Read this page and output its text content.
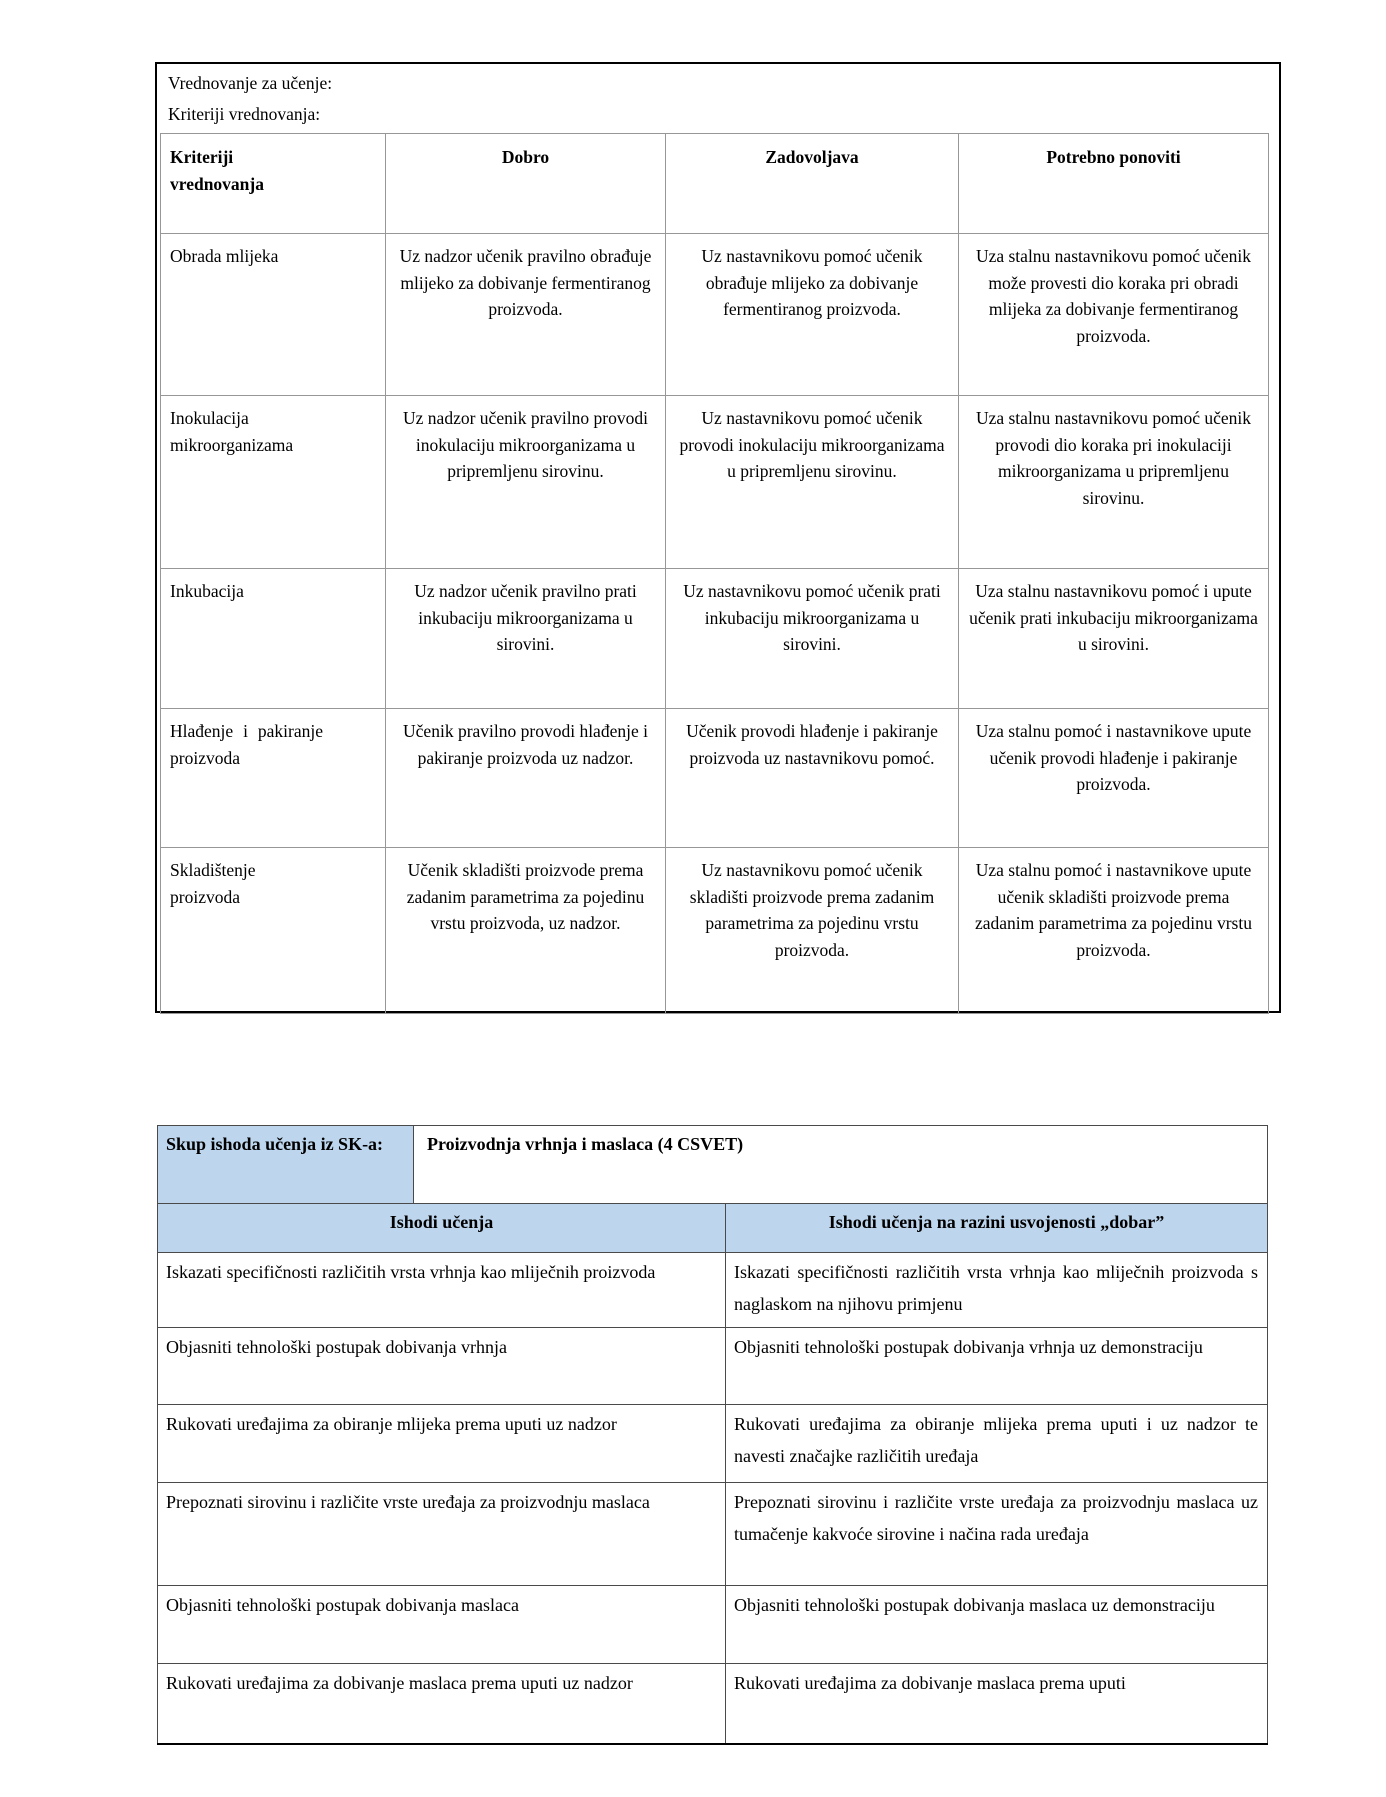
Vrednovanje za učenje:

Kriteriji vrednovanja:

Kriteriji vrednovanja	Dobro	Zadovoljava	Potrebno ponoviti
Obrada mlijeka	Uz nadzor učenik pravilno obrađuje mlijeko za dobivanje fermentiranog proizvoda.	Uz nastavnikovu pomoć učenik obrađuje mlijeko za dobivanje fermentiranog proizvoda.	Uza stalnu nastavnikovu pomoć učenik može provesti dio koraka pri obradi mlijeka za dobivanje fermentiranog proizvoda.
Inokulacija mikroorganizama	Uz nadzor učenik pravilno provodi inokulaciju mikroorganizama u pripremljenu sirovinu.	Uz nastavnikovu pomoć učenik provodi inokulaciju mikroorganizama u pripremljenu sirovinu.	Uza stalnu nastavnikovu pomoć učenik provodi dio koraka pri inokulaciji mikroorganizama u pripremljenu sirovinu.
Inkubacija	Uz nadzor učenik pravilno prati inkubaciju mikroorganizama u sirovini.	Uz nastavnikovu pomoć učenik prati inkubaciju mikroorganizama u sirovini.	Uza stalnu nastavnikovu pomoć i upute učenik prati inkubaciju mikroorganizama u sirovini.
Hlađenje i pakiranje proizvoda	Učenik pravilno provodi hlađenje i pakiranje proizvoda uz nadzor.	Učenik provodi hlađenje i pakiranje proizvoda uz nastavnikovu pomoć.	Uza stalnu pomoć i nastavnikove upute učenik provodi hlađenje i pakiranje proizvoda.
Skladištenje proizvoda	Učenik skladišti proizvode prema zadanim parametrima za pojedinu vrstu proizvoda, uz nadzor.	Uz nastavnikovu pomoć učenik skladišti proizvode prema zadanim parametrima za pojedinu vrstu proizvoda.	Uza stalnu pomoć i nastavnikove upute učenik skladišti proizvode prema zadanim parametrima za pojedinu vrstu proizvoda.
Skup ishoda učenja iz SK-a:	Proizvodnja vrhnja i maslaca (4 CSVET)	
Ishodi učenja		Ishodi učenja na razini usvojenosti „dobar”
Iskazati specifičnosti različitih vrsta vrhnja kao mliječnih proizvoda		Iskazati specifičnosti različitih vrsta vrhnja kao mliječnih proizvoda s naglaskom na njihovu primjenu
Objasniti tehnološki postupak dobivanja vrhnja		Objasniti tehnološki postupak dobivanja vrhnja uz demonstraciju
Rukovati uređajima za obiranje mlijeka prema uputi uz nadzor		Rukovati uređajima za obiranje mlijeka prema uputi i uz nadzor te navesti značajke različitih uređaja
Prepoznati sirovinu i različite vrste uređaja za proizvodnju maslaca		Prepoznati sirovinu i različite vrste uređaja za proizvodnju maslaca uz tumačenje kakvoće sirovine i načina rada uređaja
Objasniti tehnološki postupak dobivanja maslaca		Objasniti tehnološki postupak dobivanja maslaca uz demonstraciju
Rukovati uređajima za dobivanje maslaca prema uputi uz nadzor		Rukovati uređajima za dobivanje maslaca prema uputi
